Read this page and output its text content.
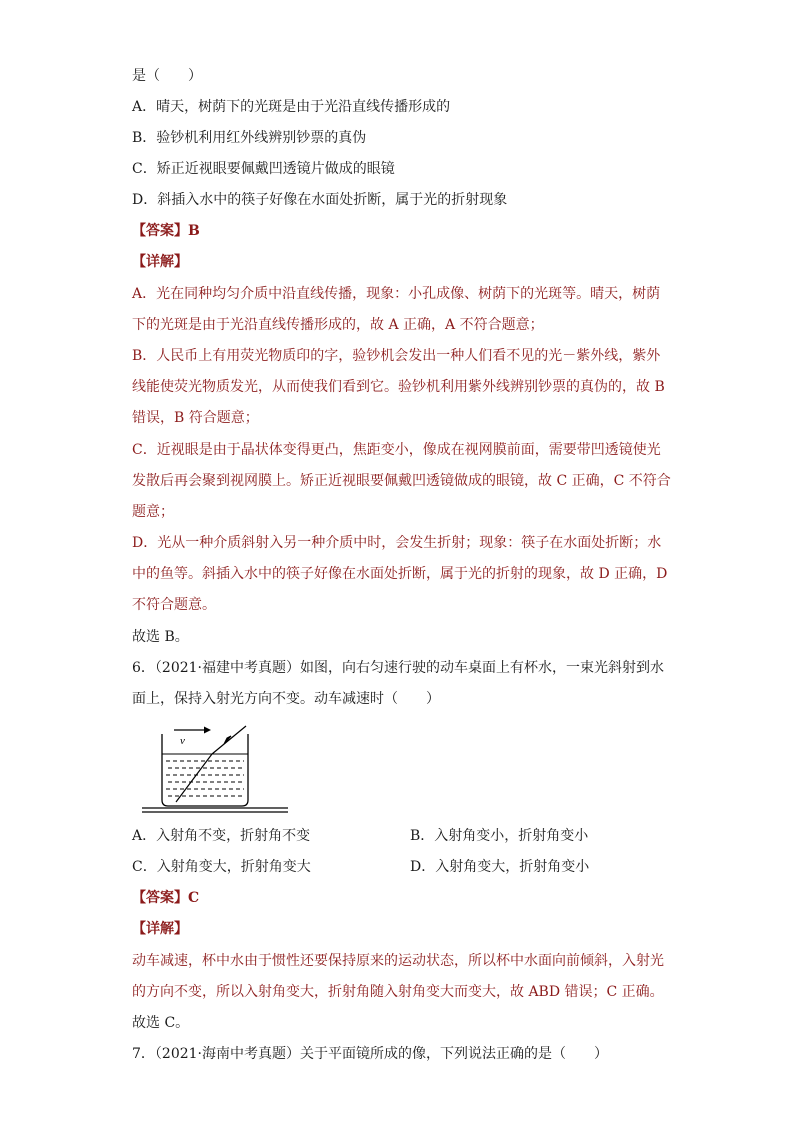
是（　　）
A．晴天，树荫下的光斑是由于光沿直线传播形成的
B．验钞机利用红外线辨别钞票的真伪
C．矫正近视眼要佩戴凹透镜片做成的眼镜
D．斜插入水中的筷子好像在水面处折断，属于光的折射现象
【答案】B
【详解】
A．光在同种均匀介质中沿直线传播，现象：小孔成像、树荫下的光斑等。晴天，树荫
下的光斑是由于光沿直线传播形成的，故 A 正确，A 不符合题意；
B．人民币上有用荧光物质印的字，验钞机会发出一种人们看不见的光－紫外线，紫外
线能使荧光物质发光，从而使我们看到它。验钞机利用紫外线辨别钞票的真伪的，故 B
错误，B 符合题意；
C．近视眼是由于晶状体变得更凸，焦距变小，像成在视网膜前面，需要带凹透镜使光
发散后再会聚到视网膜上。矫正近视眼要佩戴凹透镜做成的眼镜，故 C 正确，C 不符合
题意；
D．光从一种介质斜射入另一种介质中时，会发生折射；现象：筷子在水面处折断；水
中的鱼等。斜插入水中的筷子好像在水面处折断，属于光的折射的现象，故 D 正确，D
不符合题意。
故选 B。
6．（2021·福建中考真题）如图，向右匀速行驶的动车桌面上有杯水，一束光斜射到水
面上，保持入射光方向不变。动车减速时（　　）
v
A．入射角不变，折射角不变	B．入射角变小，折射角变小
C．入射角变大，折射角变大	D．入射角变大，折射角变小
【答案】C
【详解】
动车减速，杯中水由于惯性还要保持原来的运动状态，所以杯中水面向前倾斜，入射光
的方向不变，所以入射角变大，折射角随入射角变大而变大，故 ABD 错误；C 正确。
故选 C。
7．（2021·海南中考真题）关于平面镜所成的像，下列说法正确的是（　　）
